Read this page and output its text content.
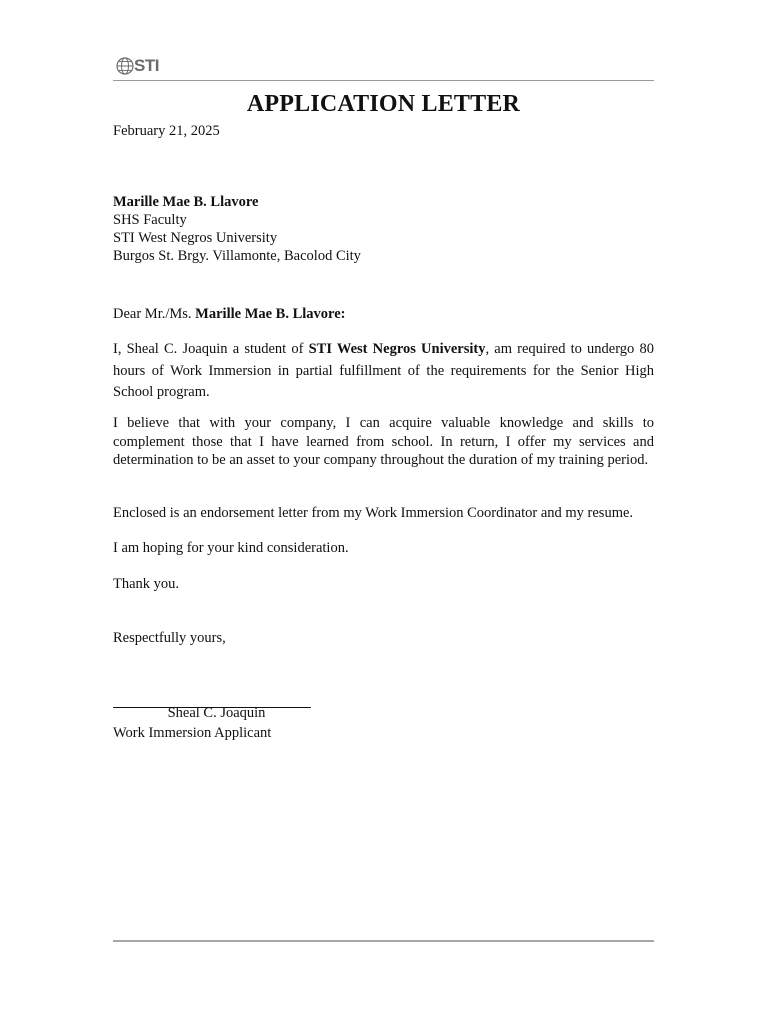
STI
APPLICATION LETTER
February 21, 2025
Marille Mae B. Llavore
SHS Faculty
STI West Negros University
Burgos St. Brgy. Villamonte, Bacolod City
Dear Mr./Ms. Marille Mae B. Llavore:
I, Sheal C. Joaquin a student of STI West Negros University, am required to undergo 80 hours of Work Immersion in partial fulfillment of the requirements for the Senior High School program.
I believe that with your company, I can acquire valuable knowledge and skills to complement those that I have learned from school. In return, I offer my services and determination to be an asset to your company throughout the duration of my training period.
Enclosed is an endorsement letter from my Work Immersion Coordinator and my resume.
I am hoping for your kind consideration.
Thank you.
Respectfully yours,
Sheal C. Joaquin
Work Immersion Applicant
